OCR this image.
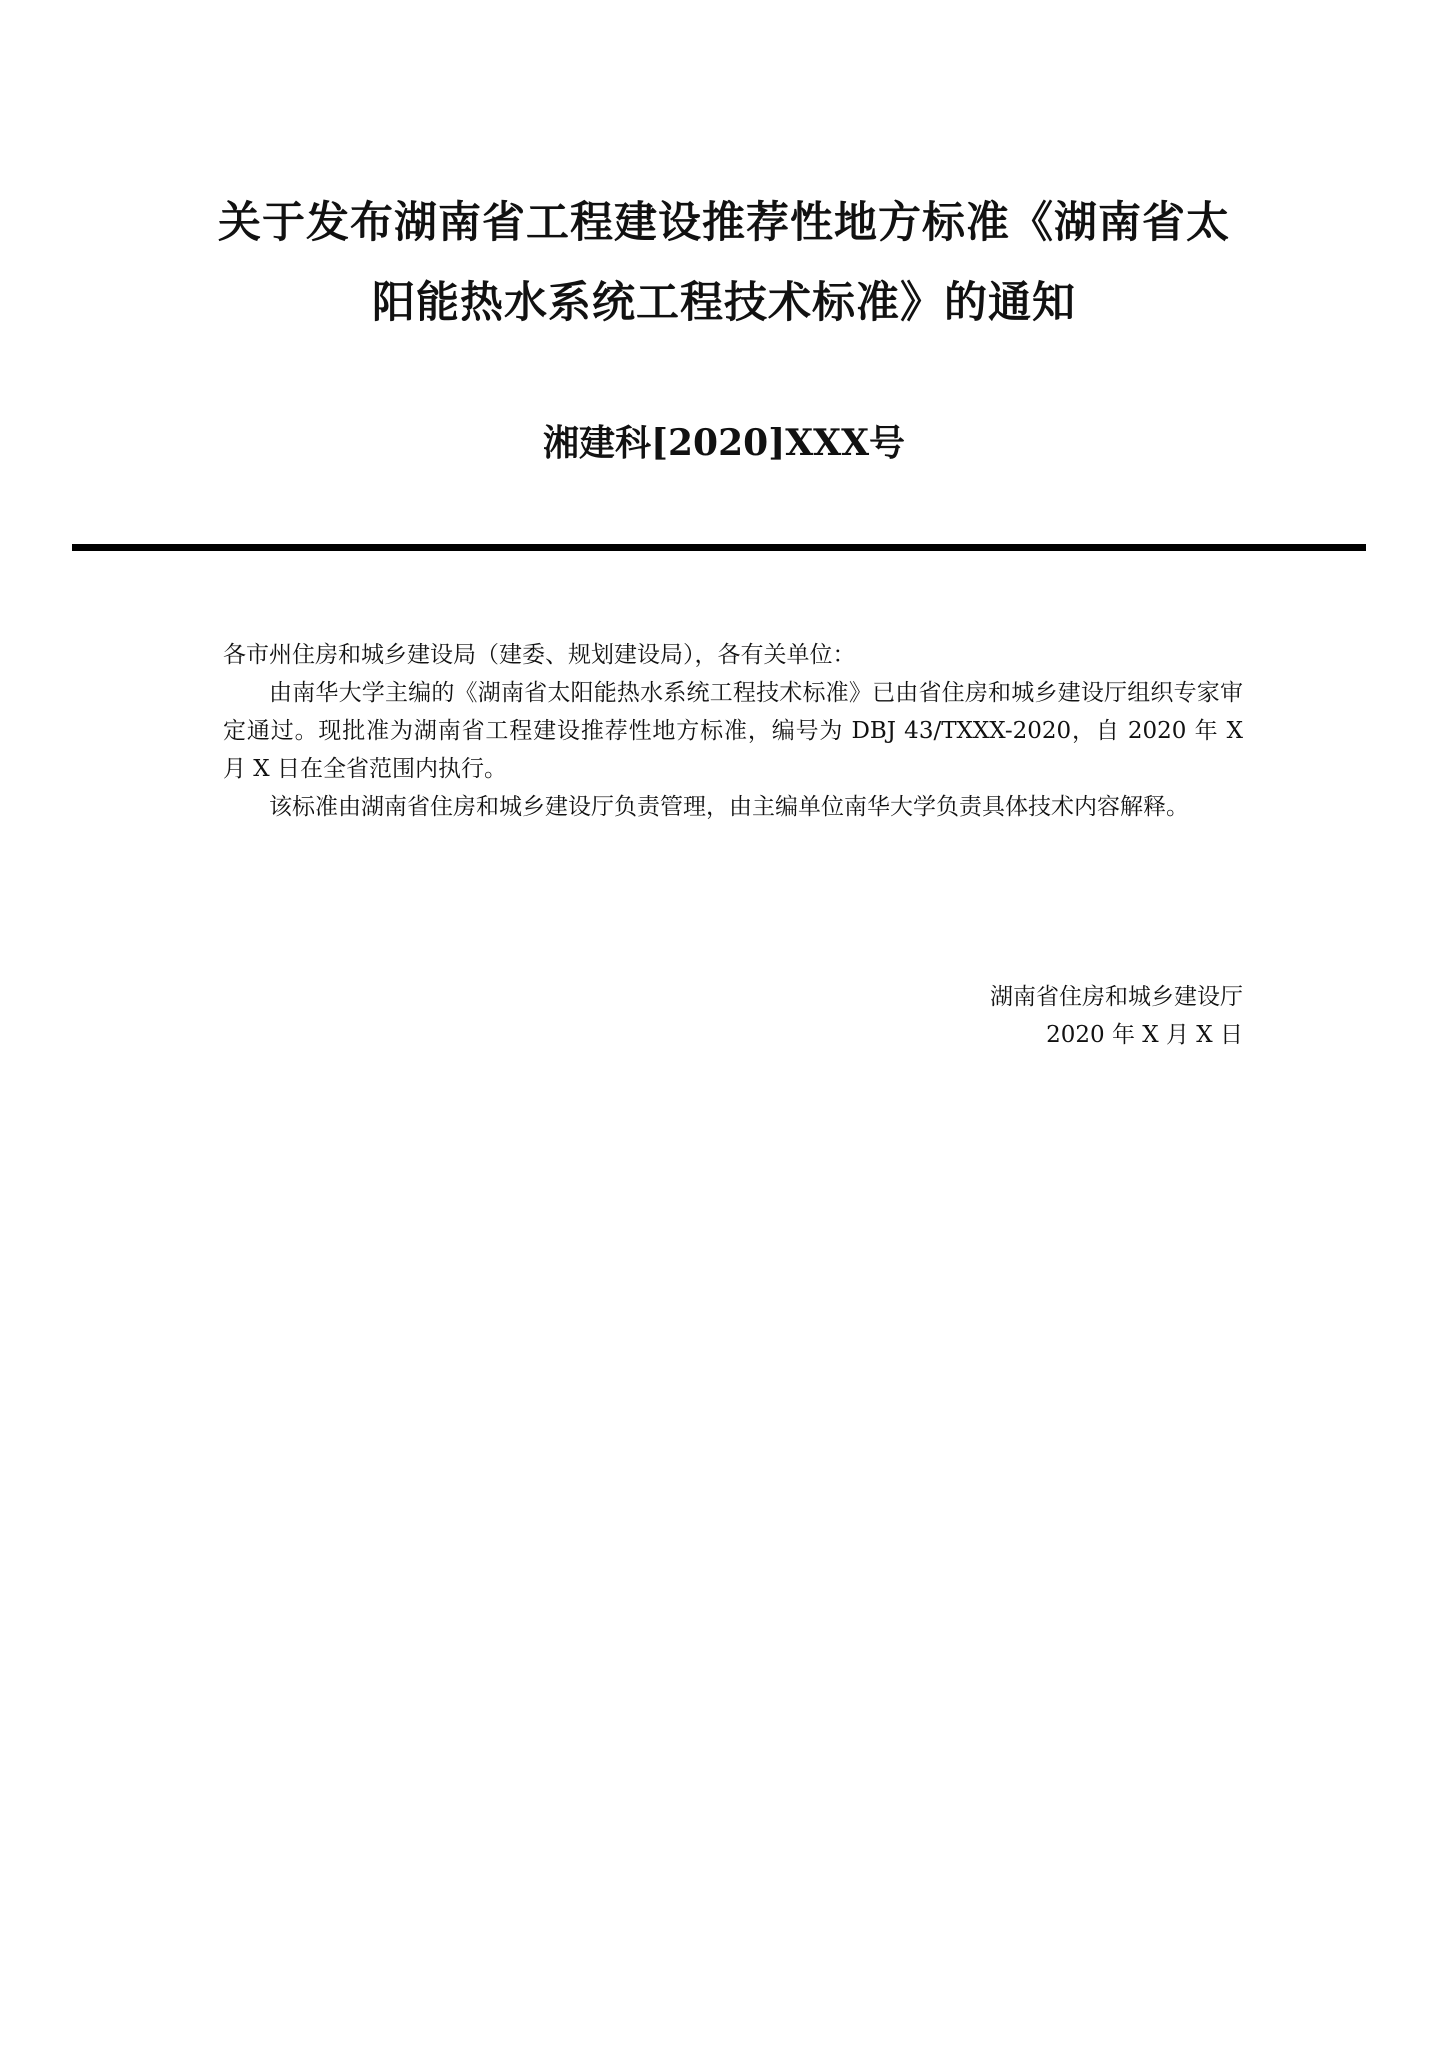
关于发布湖南省工程建设推荐性地方标准《湖南省太
阳能热水系统工程技术标准》的通知
湘建科[2020]XXX号

各市州住房和城乡建设局（建委、规划建设局），各有关单位：

由南华大学主编的《湖南省太阳能热水系统工程技术标准》已由省住房和城乡建设厅组织专家审定通过。现批准为湖南省工程建设推荐性地方标准，编号为 DBJ 43/TXXX-2020，自 2020 年 X 月 X 日在全省范围内执行。

该标准由湖南省住房和城乡建设厅负责管理，由主编单位南华大学负责具体技术内容解释。

湖南省住房和城乡建设厅
2020 年 X 月 X 日
